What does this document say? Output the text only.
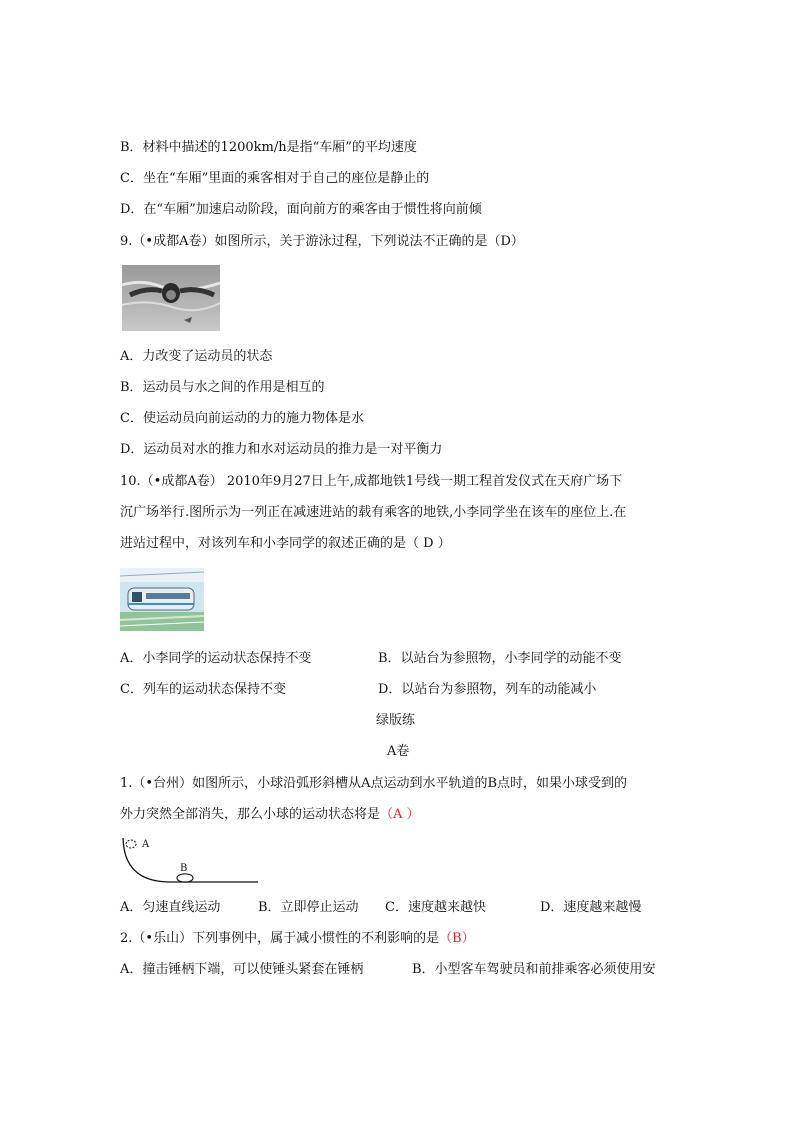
B．材料中描述的1200km/h是指“车厢”的平均速度
C．坐在“车厢”里面的乘客相对于自己的座位是静止的
D．在“车厢”加速启动阶段，面向前方的乘客由于惯性将向前倾
9.（•成都A卷）如图所示，关于游泳过程，下列说法不正确的是（D）
A．力改变了运动员的状态
B．运动员与水之间的作用是相互的
C．使运动员向前运动的力的施力物体是水
D．运动员对水的推力和水对运动员的推力是一对平衡力
10.（•成都A卷） 2010年9月27日上午,成都地铁1号线一期工程首发仪式在天府广场下
沉广场举行.图所示为一列正在减速进站的载有乘客的地铁,小李同学坐在该车的座位上.在
进站过程中，对该列车和小李同学的叙述正确的是（ D ）
A．小李同学的运动状态保持不变	B．以站台为参照物，小李同学的动能不变
C．列车的运动状态保持不变	D．以站台为参照物，列车的动能减小
绿版练
A卷
1.（•台州）如图所示，小球沿弧形斜槽从A点运动到水平轨道的B点时，如果小球受到的
外力突然全部消失，那么小球的运动状态将是（A ）
A
B
A．匀速直线运动	B．立即停止运动 C．速度越来越快	D．速度越来越慢
2.（•乐山）下列事例中，属于减小惯性的不利影响的是（B）
A．撞击锤柄下端，可以使锤头紧套在锤柄	B．小型客车驾驶员和前排乘客必须使用安
